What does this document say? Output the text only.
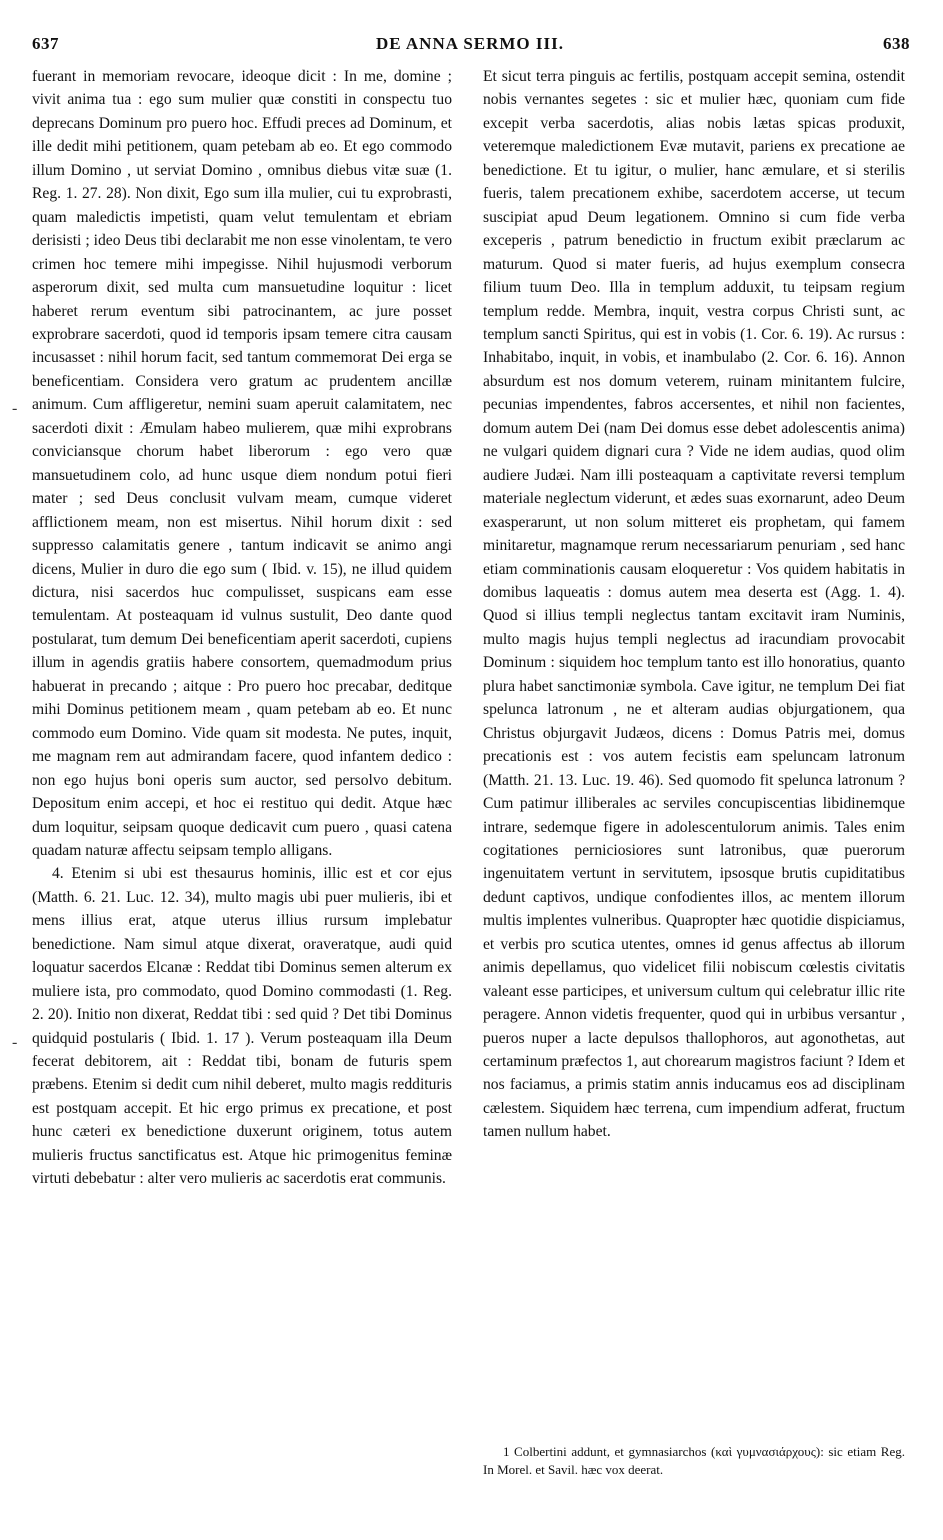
637	DE ANNA SERMO III.	638
-
-

fuerant in memoriam revocare, ideoque dicit : In me, domine ; vivit anima tua : ego sum mulier quæ constiti in conspectu tuo deprecans Dominum pro puero hoc. Effudi preces ad Dominum, et ille dedit mihi petitionem, quam petebam ab eo. Et ego commodo illum Domino , ut serviat Domino , omnibus diebus vitæ suæ (1. Reg. 1. 27. 28). Non dixit, Ego sum illa mulier, cui tu exprobrasti, quam maledictis impetisti, quam velut temulentam et ebriam derisisti ; ideo Deus tibi declarabit me non esse vinolentam, te vero crimen hoc temere mihi impegisse. Nihil hujusmodi verborum asperorum dixit, sed multa cum mansuetudine loquitur : licet haberet rerum eventum sibi patrocinantem, ac jure posset exprobrare sacerdoti, quod id temporis ipsam temere citra causam incusasset : nihil horum facit, sed tantum commemorat Dei erga se beneficentiam. Considera vero gratum ac prudentem ancillæ animum. Cum affligeretur, nemini suam aperuit calamitatem, nec sacerdoti dixit : Æmulam habeo mulierem, quæ mihi exprobrans conviciansque chorum habet liberorum : ego vero quæ mansuetudinem colo, ad hunc usque diem nondum potui fieri mater ; sed Deus conclusit vulvam meam, cumque videret afflictionem meam, non est misertus. Nihil horum dixit : sed suppresso calamitatis genere , tantum indicavit se animo angi dicens, Mulier in duro die ego sum ( Ibid. v. 15), ne illud quidem dictura, nisi sacerdos huc compulisset, suspicans eam esse temulentam. At posteaquam id vulnus sustulit, Deo dante quod postularat, tum demum Dei beneficentiam aperit sacerdoti, cupiens illum in agendis gratiis habere consortem, quemadmodum prius habuerat in precando ; aitque : Pro puero hoc precabar, deditque mihi Dominus petitionem meam , quam petebam ab eo. Et nunc commodo eum Domino. Vide quam sit modesta. Ne putes, inquit, me magnam rem aut admirandam facere, quod infantem dedico : non ego hujus boni operis sum auctor, sed persolvo debitum. Depositum enim accepi, et hoc ei restituo qui dedit. Atque hæc dum loquitur, seipsam quoque dedicavit cum puero , quasi catena quadam naturæ affectu seipsam templo alligans.

4. Etenim si ubi est thesaurus hominis, illic est et cor ejus (Matth. 6. 21. Luc. 12. 34), multo magis ubi puer mulieris, ibi et mens illius erat, atque uterus illius rursum implebatur benedictione. Nam simul atque dixerat, oraveratque, audi quid loquatur sacerdos Elcanæ : Reddat tibi Dominus semen alterum ex muliere ista, pro commodato, quod Domino commodasti (1. Reg. 2. 20). Initio non dixerat, Reddat tibi : sed quid ? Det tibi Dominus quidquid postularis ( Ibid. 1. 17 ). Verum posteaquam illa Deum fecerat debitorem, ait : Reddat tibi, bonam de futuris spem præbens. Etenim si dedit cum nihil deberet, multo magis reddituris est postquam accepit. Et hic ergo primus ex precatione, et post hunc cæteri ex benedictione duxerunt originem, totus autem mulieris fructus sanctificatus est. Atque hic primogenitus feminæ virtuti debebatur : alter vero mulieris ac sacerdotis erat communis.

Et sicut terra pinguis ac fertilis, postquam accepit semina, ostendit nobis vernantes segetes : sic et mulier hæc, quoniam cum fide excepit verba sacerdotis, alias nobis lætas spicas produxit, veteremque maledictionem Evæ mutavit, pariens ex precatione ae benedictione. Et tu igitur, o mulier, hanc æmulare, et si sterilis fueris, talem precationem exhibe, sacerdotem accerse, ut tecum suscipiat apud Deum legationem. Omnino si cum fide verba exceperis , patrum benedictio in fructum exibit præclarum ac maturum. Quod si mater fueris, ad hujus exemplum consecra filium tuum Deo. Illa in templum adduxit, tu teipsam regium templum redde. Membra, inquit, vestra corpus Christi sunt, ac templum sancti Spiritus, qui est in vobis (1. Cor. 6. 19). Ac rursus : Inhabitabo, inquit, in vobis, et inambulabo (2. Cor. 6. 16). Annon absurdum est nos domum veterem, ruinam minitantem fulcire, pecunias impendentes, fabros accersentes, et nihil non facientes, domum autem Dei (nam Dei domus esse debet adolescentis anima) ne vulgari quidem dignari cura ? Vide ne idem audias, quod olim audiere Judæi. Nam illi posteaquam a captivitate reversi templum materiale neglectum viderunt, et ædes suas exornarunt, adeo Deum exasperarunt, ut non solum mitteret eis prophetam, qui famem minitaretur, magnamque rerum necessariarum penuriam , sed hanc etiam comminationis causam eloqueretur : Vos quidem habitatis in domibus laqueatis : domus autem mea deserta est (Agg. 1. 4). Quod si illius templi neglectus tantam excitavit iram Numinis, multo magis hujus templi neglectus ad iracundiam provocabit Dominum : siquidem hoc templum tanto est illo honoratius, quanto plura habet sanctimoniæ symbola. Cave igitur, ne templum Dei fiat spelunca latronum , ne et alteram audias objurgationem, qua Christus objurgavit Judæos, dicens : Domus Patris mei, domus precationis est : vos autem fecistis eam speluncam latronum (Matth. 21. 13. Luc. 19. 46). Sed quomodo fit spelunca latronum ? Cum patimur illiberales ac serviles concupiscentias libidinemque intrare, sedemque figere in adolescentulorum animis. Tales enim cogitationes perniciosiores sunt latronibus, quæ puerorum ingenuitatem vertunt in servitutem, ipsosque brutis cupiditatibus dedunt captivos, undique confodientes illos, ac mentem illorum multis implentes vulneribus. Quapropter hæc quotidie dispiciamus, et verbis pro scutica utentes, omnes id genus affectus ab illorum animis depellamus, quo videlicet filii nobiscum cœlestis civitatis valeant esse participes, et universum cultum qui celebratur illic rite peragere. Annon videtis frequenter, quod qui in urbibus versantur , pueros nuper a lacte depulsos thallophoros, aut agonothetas, aut certaminum præfectos 1, aut chorearum magistros faciunt ? Idem et nos faciamus, a primis statim annis inducamus eos ad disciplinam cælestem. Siquidem hæc terrena, cum impendium adferat, fructum tamen nullum habet.

1 Colbertini addunt, et gymnasiarchos (καὶ γυμνασιάρχους): sic etiam Reg. In Morel. et Savil. hæc vox deerat.
